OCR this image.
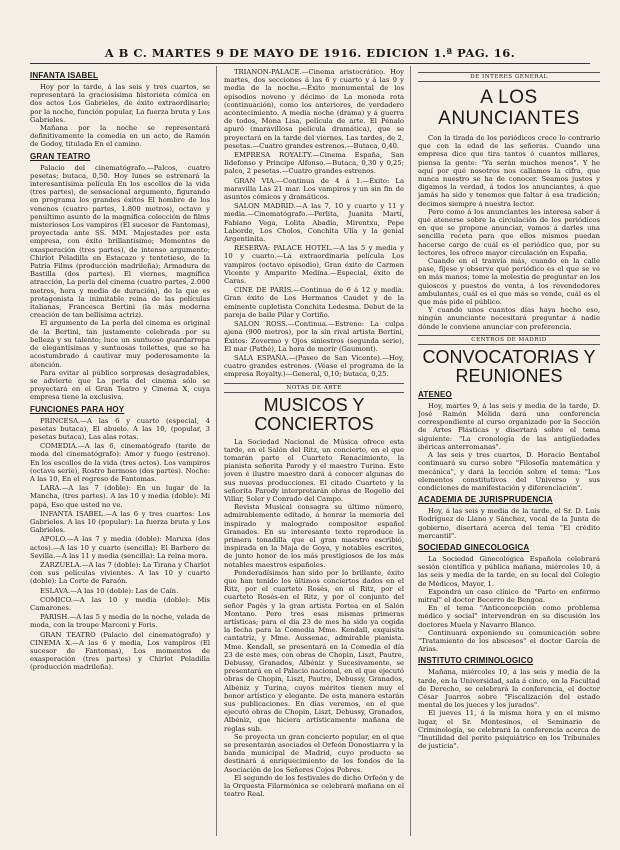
A B C. MARTES 9 DE MAYO DE 1916. EDICION 1.ª PAG. 16.
INFANTA ISABEL

Hoy por la tarde, á las seis y tres cuartos, se representará la graciosísima historieta cómica en dos actos Los Gabrieles, de éxito extraordinario; por la noche, función popular, La fuerza bruta y Los Gabrieles.

Mañana por la noche se representará definitivamente la comedia en un acto, de Ramón de Godoy, titulada En el camino.

GRAN TEATRO

Palacio del cinematógrafo.—Palcos, cuatro pesetas; butaca, 0,50. Hoy lunes se estrenará la interesantísima película En los escollos de la vida (tres partes), de sensacional argumento, figurando en programa los grandes éxitos El hombre de los venenos (cuatro partes, 1.800 metros), octavo y penúltimo asunto de la magnífica colección de films misteriosos Los vampiros (El sucesor de Fantomas), proyectada ante SS. MM. Majestades por esta empresa, con éxito brillantísimo; Momentos de exasperación (tres partes), de intenso argumento; Chirlot Peladilla en Estacazo y tentetieso, de la Patria Films (producción madrileña); Armadura de Bastilla (dos partes). El viernes, magnífica atracción, La perla del cinema (cuatro partes, 2.000 metros, hora y media de duración), de la que es protagonista la inimitable reina de las películas italianas, Francesca Bertini (la más moderna creación de tan bellísima actriz).

El argumento de La perla del cinema es original de la Bertini, tan justamente celebrada por su belleza y su talento; luce un suntuoso guardarropa de elegantísimas y suntuosas toilettes, que se ha acostumbrado á cautivar muy poderosamente la atención.

Para evitar al público sorpresas desagradables, se advierte que La perla del cinema sólo se proyectará en el Gran Teatro y Cinema X, cuya empresa tiene la exclusiva.

FUNCIONES PARA HOY

PRINCESA.—A las 6 y cuarto (especial, 4 pesetas butaca), El abuelo. A las 10, (popular, 3 pesetas butaca), Las alas rotas.

COMEDIA.—A las 6, cinematógrafo (tarde de moda del cinematógrafo): Amor y fuego (estreno). En los escollos de la vida (tres actos). Los vampiros (octava serie), Rostro hermoso (dos partes). Noche: A las 10, En el regreso de Fantomas.

LARA.—A las 7 (doble): En un lugar de la Mancha, (tres partes). A las 10 y media (doble): Mi papá, Eso que usted no ve.

INFANTA ISABEL.—A las 6 y tres cuartos: Los Gabrieles. A las 10 (popular): La fuerza bruta y Los Gabrieles.

APOLO.—A las 7 y media (doble): Maruxa (dos actos).—A las 10 y cuarto (sencilla): El Barbero de Sevilla.—A las 11 y media (sencilla): La reina mora.

ZARZUELA.—A las 7 (doble): La Tirana y Charlot con sus películas vivientes. A las 10 y cuarto (doble): La Corte de Faraón.

ESLAVA.—A las 10 (doble): Las de Caín.

COMICO.—A las 10 y media (doble): Mis Camarones.

PARISH.—A las 5 y media de la noche, velada de moda, con la troupe Marconi y Foris.

GRAN TEATRO (Palacio del cinematógrafo) y CINEMA X.—A las 6 y media, Los vampiros (El sucesor de Fantomas), Los momentos de exasperación (tres partes) y Chirlot Peladilla (producción madrileña).

TRIANON-PALACE.—Cinema aristocrático. Hoy martes, dos secciones á las 6 y cuarto y á las 9 y media de la noche.—Éxito monumental de los episodios noveno y décimo de La moneda rota (continuación), como los anteriores, de verdadero acontecimiento. A media noche (drama) y á guerra de todos, Mona Lisa, película de arte. El Pénalo apuró (maravillosa película dramática), que se proyectará en la tarde del viernes. Las tardes, de 2, pesetas.—Cuatro grandes estrenos.—Butaca, 0,40.

EMPRESA ROYALTY.—Cinema España, San Ildefonso y Principe Alfonso.—Butaca, 0,30 y 0,25; palco, 2 pesetas.—Cuatro grandes estrenos.

GRAN VIA.—Continua de 4 á 1.—Éxito: La maravilla Las 21 mar. Los vampiros y un sin fin de asuntos cómicos y dramáticos.

SALON MADRID.—A las 7, 10 y cuarto y 11 y media.—Cinematógrafo.—Perlita, Juanita Martí, Fabiano Vega, Lolita Abadía, Mirentxu, Pepe Laborde, Los Cholos, Conchita Ulía y la genial Argentinita.

RESERVA: PALACE HOTEL.—A las 5 y media y 10 y cuarto.—La extraordinaria película Los vampiros (octavo episodio), Gran éxito de Carmen Vicente y Amparito Medina.—Especial, éxito de Caras.

CINE DE PARIS.—Continua de 6 á 12 y media. Gran éxito de Los Hermanos Caudet y de la eminente cupletista Conchita Ledesma. Debut de la pareja de baile Pilar y Cortiño.

SALON ROSS.—Continua.—Estreno: La culpa ajena (900 metros), por la sin rival artista Bertini, Éxitos: Zovermo y Ojos siniestros (segunda serie), El mar (Pathé), La hora de morir (Gaumont).

SALA ESPAÑA.—(Paseo de San Vicente).—Hoy, cuatro grandes estrenos. (Véase el programa de la empresa Royalty.)—General, 0,10; butaca, 0,25.

NOTAS DE ARTE
MUSICOS Y CONCIERTOS

La Sociedad Nacional de Música ofrece esta tarde, en el Salón del Ritz, un concierto, en el que tomarán parte el Cuarteto Renacimiento, la pianista señorita Parody y el maestro Turina. Este joven é ilustre maestro dará á conocer algunas de sus nuevas producciones. El citado Cuarteto y la señorita Parody interpretarán obras de Rogelio del Villar, Soler y Conrado del Campo.

Revista Musical consagra su último número, admirablemente editado, á honrar la memoria del inspirado y malogrado compositor español Granados. En su interesante texto reproduce la primera tonadilla que el gran maestro escribió, inspirada en la Maja de Goya, y notables escritos, de junto honor de los más prestigiosos de los más notables maestros españoles.

Ponderadísimos han sido por lo brillante, éxito que han tenido los últimos conciertos dados en el Ritz, por el cuarteto Rosés, en el Ritz, por el cuarteto Rosés-en el Ritz, y por el conjunto del señor Pagès y la gran artista Fortea en el Salón Montano. Pero tres esas mismas primeras artísticas; para el día 23 de mes ha sido ya cogida la fecha para la Comedia Mme. Kendall, exquisita cantatriz, y Mme. Aussenac, admirable pianista. Mme. Kendall, se presentará en la Comedia el día 23 de este mes, con obras de Chopin, Liszt, Pautre, Debussy, Granados, Albéniz y Sucesivamente, se presentará en el Palacio nacional, en el que ejecutó obras de Chopin, Liszt, Pautre, Debussy, Granados, Albéniz y Turina, cuyos méritos tienen muy el honor artístico y elegante. De esta manera estarán sus publicaciones. En días veremos, en el que ejecutó obras de Chopin, Liszt, Debussy, Granados, Albéniz, que hiciera artísticamente mañana de reglas sub.

Se proyecta un gran concierto popular, en el que se presentarán asociados el Orfeón Donostiarra y la banda municipal de Madrid, cuyo producto se destinará á enriquecimiento de los fondos de la Asociación de los Señores Cojos Pobres.

El segundo de los festivales de dicho Orfeón y de la Orquesta Filarmónica se celebrará mañana en el teatro Real.

DE INTERES GENERAL
A LOS ANUNCIANTES

Con la tirada de los periódicos crece lo contrario que con la edad de las señoras. Cuando una empresa dice que tira tantos ó cuantos millares, piensa la gente: "Ya serán muchos menos". Y he aquí por qué nosotros nos callamos la cifra, que nunca nuestro se ha de conocer. Seamos justos y digamos la verdad, á todos los anunciantes, á que jamás ha sido y tenemos que faltar á esa tradición; decimos siempre á nuestra lector.

Pero como á los anunciantes les interesa saber á qué atenerse sobre la circulación de los periódicos en que se propone anunciar, vamos á darles una sencilla receta para que ellos mismos puedan hacerse cargo de cuál es el periódico que, por su lectores, les ofrece mayor circulación en España.

Cuando en el tranvía más, cuando en la calle pase, fíjese y observe qué periódico es el que se ve en más manos; tome la molestia de preguntar en los quioscos y puestos de venta, á los revendedores ambulantes, cuál es el que más se vende, cuál es el que más pide el público.

Y cuando unos cuantos días haya hecho eso, ningún anunciante necesitará preguntar á nadie dónde le conviene anunciar con preferencia.

CENTROS DE MADRID
CONVOCATORIAS Y REUNIONES
ATENEO

Hoy, martes 9, á las seis y media de la tarde, D. José Ramón Mélida dará una conferencia correspondiente al curso organizado por la Sección de Artes Plásticas y disertará sobre el tema siguiente: "La cronología de las antigüedades ibéricas anterromanas".

A las seis y tres cuartos, D. Horacio Bentabol continuará su curso sobre "Filosofía matemática y mecánica", y dará la lección sobre el tema: "Los elementos constitutivos del Universo y sus condiciones de manifestación y diferenciación".

ACADEMIA DE JURISPRUDENCIA

Hoy, á las seis y media de la tarde, el Sr. D. Luis Rodríguez de Llano y Sánchez, vocal de la Junta de gobierno, disertará acerca del tema "El crédito mercantil".

SOCIEDAD GINECOLOGICA

La Sociedad Ginecológica Española celebrará sesión científica y pública mañana, miércoles 10, á las seis y media de la tarde, en su local del Colegio de Médicos, Mayor, 1.

Expondrá un caso clínico de "Parto en enfermo mitral" el doctor Becerro de Bengoa.

En el tema "Anticoncepción como problema médico y social" intervendrán en su discusión los doctores Muela y Navarro Blanco.

Continuará exponiendo su comunicación sobre "Tratamiento de los abscesos" el doctor García de Arias.

INSTITUTO CRIMINOLOGICO

Mañana, miércoles 10, á las seis y media de la tarde, en la Universidad, sala á cinco, en la Facultad de Derecho, se celebrará la conferencia, el doctor César Juarros sobre "Fiscalización del estado mental de los jueces y los jurados".

El jueves 11, á la misma hora y en el mismo lugar, el Sr. Montesinos, el Seminario de Criminología, se celebrará la conferencia acerca de "Inutilidad del perito psiquiátrico en los Tribunales de justicia".
